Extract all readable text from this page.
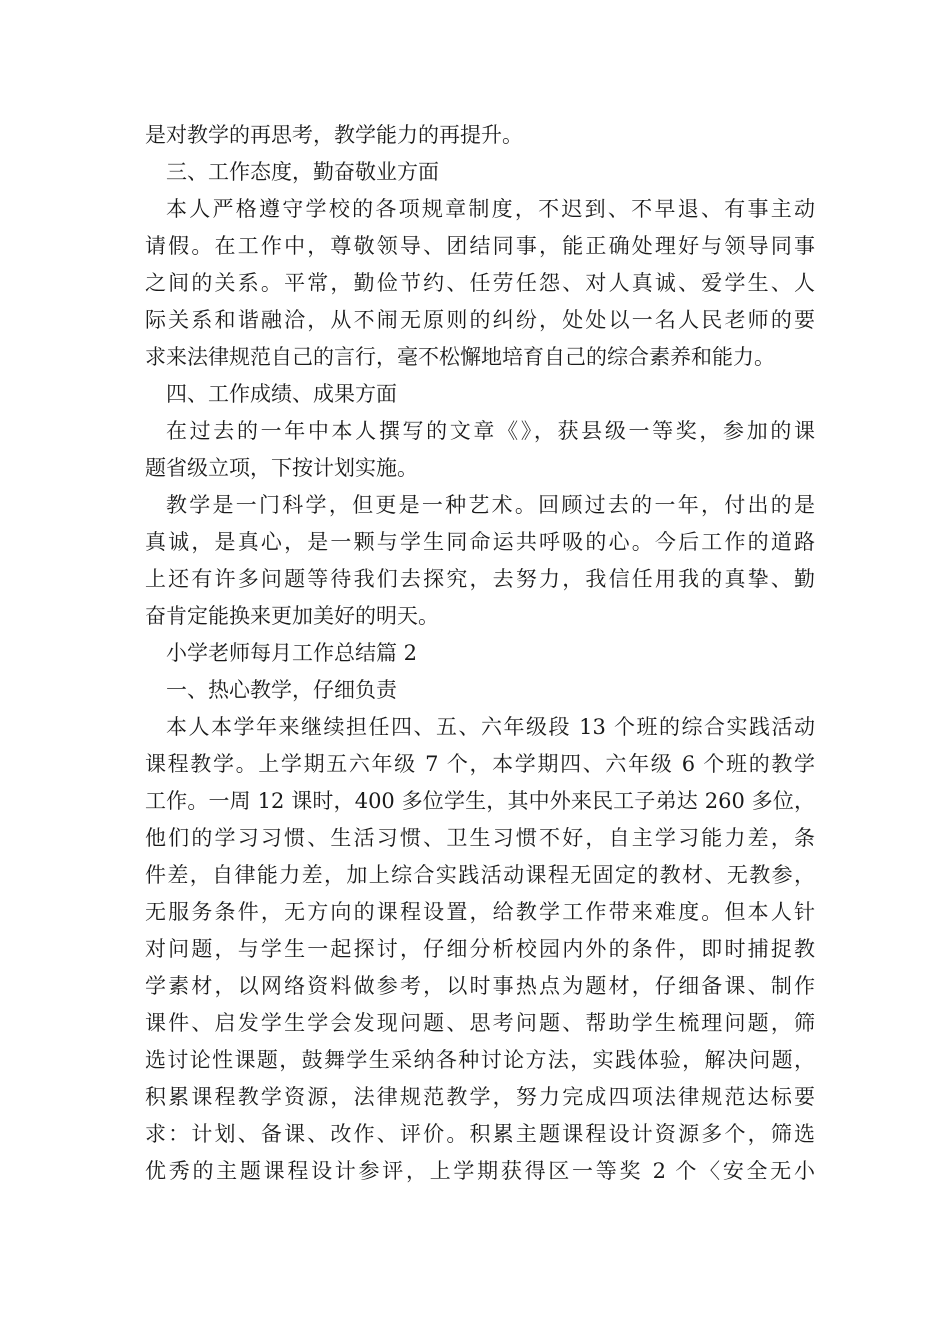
是对教学的再思考，教学能力的再提升。
三、工作态度，勤奋敬业方面
本人严格遵守学校的各项规章制度，不迟到、不早退、有事主动
请假。在工作中，尊敬领导、团结同事，能正确处理好与领导同事
之间的关系。平常，勤俭节约、任劳任怨、对人真诚、爱学生、人
际关系和谐融洽，从不闹无原则的纠纷，处处以一名人民老师的要
求来法律规范自己的言行，毫不松懈地培育自己的综合素养和能力。
四、工作成绩、成果方面
在过去的一年中本人撰写的文章《》，获县级一等奖，参加的课
题省级立项，下按计划实施。
教学是一门科学，但更是一种艺术。回顾过去的一年，付出的是
真诚，是真心，是一颗与学生同命运共呼吸的心。今后工作的道路
上还有许多问题等待我们去探究，去努力，我信任用我的真挚、勤
奋肯定能换来更加美好的明天。
小学老师每月工作总结篇 2
一、热心教学，仔细负责
本人本学年来继续担任四、五、六年级段 13 个班的综合实践活动
课程教学。上学期五六年级 7 个，本学期四、六年级 6 个班的教学
工作。一周 12 课时，400 多位学生，其中外来民工子弟达 260 多位，
他们的学习习惯、生活习惯、卫生习惯不好，自主学习能力差，条
件差，自律能力差，加上综合实践活动课程无固定的教材、无教参，
无服务条件，无方向的课程设置，给教学工作带来难度。但本人针
对问题，与学生一起探讨，仔细分析校园内外的条件，即时捕捉教
学素材，以网络资料做参考，以时事热点为题材，仔细备课、制作
课件、启发学生学会发现问题、思考问题、帮助学生梳理问题，筛
选讨论性课题，鼓舞学生采纳各种讨论方法，实践体验，解决问题，
积累课程教学资源，法律规范教学，努力完成四项法律规范达标要
求：计划、备课、改作、评价。积累主题课程设计资源多个，筛选
优秀的主题课程设计参评，上学期获得区一等奖 2 个〈安全无小
